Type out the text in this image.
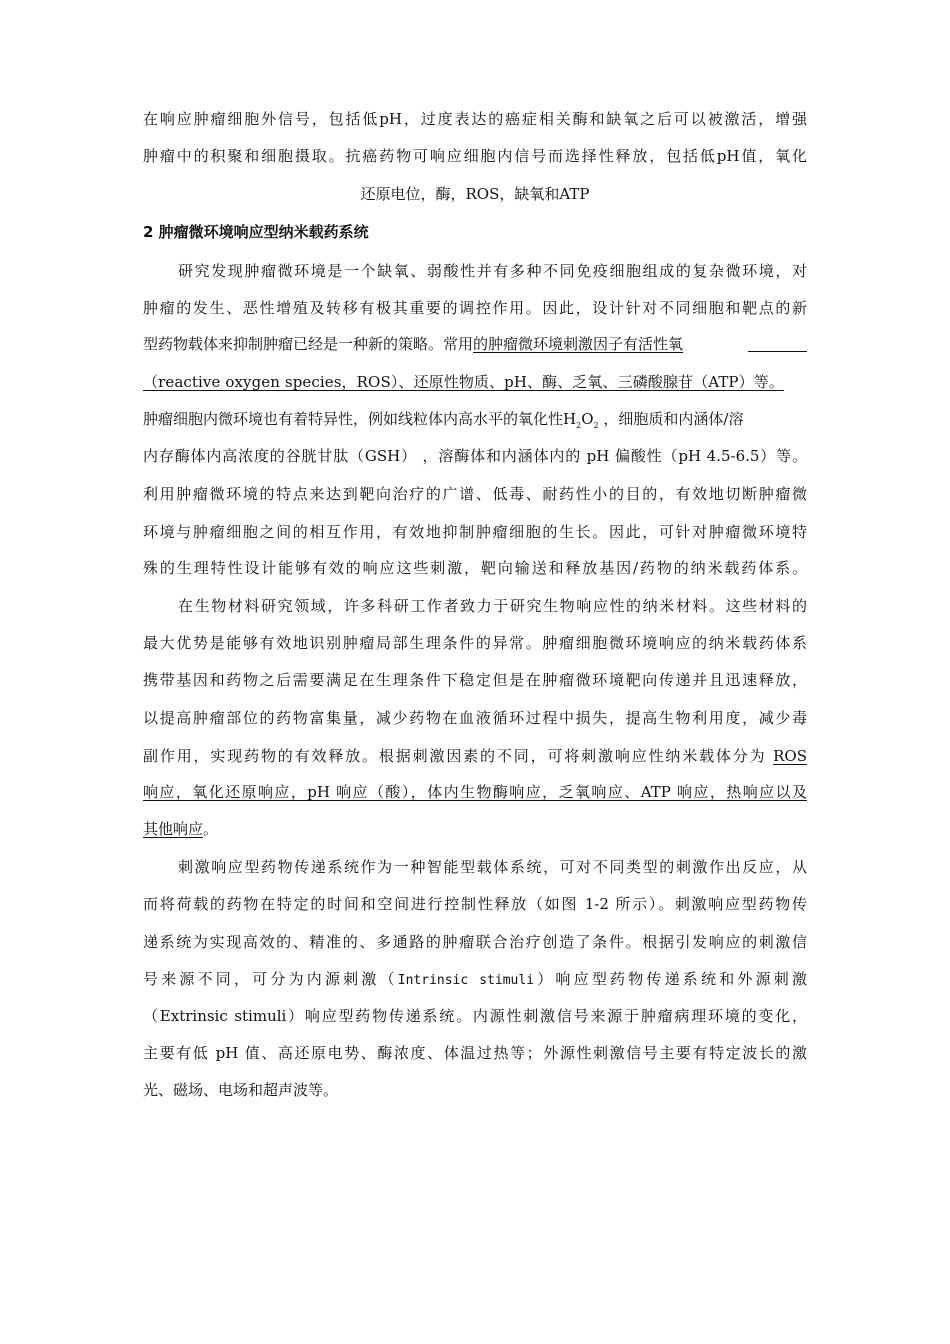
在响应肿瘤细胞外信号，包括低pH，过度表达的癌症相关酶和缺氧之后可以被激活，增强
肿瘤中的积聚和细胞摄取。抗癌药物可响应细胞内信号而选择性释放，包括低pH值，氧化
还原电位，酶，ROS，缺氧和ATP
2 肿瘤微环境响应型纳米载药系统
研究发现肿瘤微环境是一个缺氧、弱酸性并有多种不同免疫细胞组成的复杂微环境，对
肿瘤的发生、恶性增殖及转移有极其重要的调控作用。因此，设计针对不同细胞和靶点的新
型药物载体来抑制肿瘤已经是一种新的策略。常用的肿瘤微环境刺激因子有活性氧
（reactive oxygen species，ROS）、还原性物质、pH、酶、乏氧、三磷酸腺苷（ATP）等。
肿瘤细胞内微环境也有着特异性，例如线粒体内高水平的氧化性$H_2O_2$ ，细胞质和内涵体/溶
内存酶体内高浓度的谷胱甘肽（GSH） ，溶酶体和内涵体内的 pH 偏酸性（pH 4.5-6.5）等。
利用肿瘤微环境的特点来达到靶向治疗的广谱、低毒、耐药性小的目的，有效地切断肿瘤微
环境与肿瘤细胞之间的相互作用，有效地抑制肿瘤细胞的生长。因此，可针对肿瘤微环境特
殊的生理特性设计能够有效的响应这些刺激，靶向输送和释放基因/药物的纳米载药体系。
在生物材料研究领域，许多科研工作者致力于研究生物响应性的纳米材料。这些材料的
最大优势是能够有效地识别肿瘤局部生理条件的异常。肿瘤细胞微环境响应的纳米载药体系
携带基因和药物之后需要满足在生理条件下稳定但是在肿瘤微环境靶向传递并且迅速释放，
以提高肿瘤部位的药物富集量，减少药物在血液循环过程中损失，提高生物利用度，减少毒
副作用，实现药物的有效释放。根据刺激因素的不同，可将刺激响应性纳米载体分为 ROS
响应，氧化还原响应，pH 响应（酸），体内生物酶响应，乏氧响应、ATP 响应，热响应以及
其他响应。
刺激响应型药物传递系统作为一种智能型载体系统，可对不同类型的刺激作出反应，从
而将荷载的药物在特定的时间和空间进行控制性释放（如图 1-2 所示）。刺激响应型药物传
递系统为实现高效的、精准的、多通路的肿瘤联合治疗创造了条件。根据引发响应的刺激信
号来源不同，可分为内源刺激（Intrinsic stimuli）响应型药物传递系统和外源刺激
（Extrinsic stimuli）响应型药物传递系统。内源性刺激信号来源于肿瘤病理环境的变化，
主要有低 pH 值、高还原电势、酶浓度、体温过热等；外源性刺激信号主要有特定波长的激
光、磁场、电场和超声波等。
